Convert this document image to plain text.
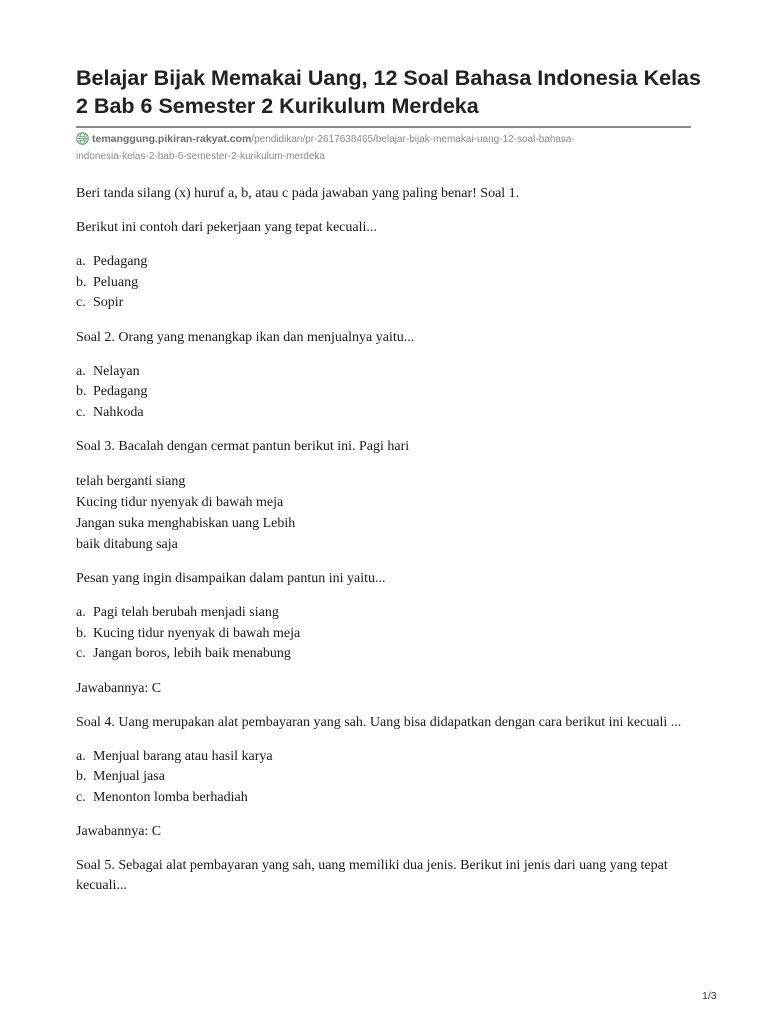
Belajar Bijak Memakai Uang, 12 Soal Bahasa Indonesia Kelas 2 Bab 6 Semester 2 Kurikulum Merdeka
temanggung.pikiran-rakyat.com/pendidikan/pr-2617638465/belajar-bijak-memakai-uang-12-soal-bahasa-
indonesia-kelas-2-bab-6-semester-2-kurikulum-merdeka

Beri tanda silang (x) huruf a, b, atau c pada jawaban yang paling benar! Soal 1.

Berikut ini contoh dari pekerjaan yang tepat kecuali...

a. Pedagang
b. Peluang
c. Sopir

Soal 2. Orang yang menangkap ikan dan menjualnya yaitu...

a. Nelayan
b. Pedagang
c. Nahkoda

Soal 3. Bacalah dengan cermat pantun berikut ini. Pagi hari

telah berganti siang

Kucing tidur nyenyak di bawah meja

Jangan suka menghabiskan uang Lebih

baik ditabung saja

Pesan yang ingin disampaikan dalam pantun ini yaitu...

a. Pagi telah berubah menjadi siang
b. Kucing tidur nyenyak di bawah meja
c. Jangan boros, lebih baik menabung

Jawabannya: C

Soal 4. Uang merupakan alat pembayaran yang sah. Uang bisa didapatkan dengan cara berikut ini kecuali ...

a. Menjual barang atau hasil karya
b. Menjual jasa
c. Menonton lomba berhadiah

Jawabannya: C

Soal 5. Sebagai alat pembayaran yang sah, uang memiliki dua jenis. Berikut ini jenis dari uang yang tepat kecuali...

1/3
